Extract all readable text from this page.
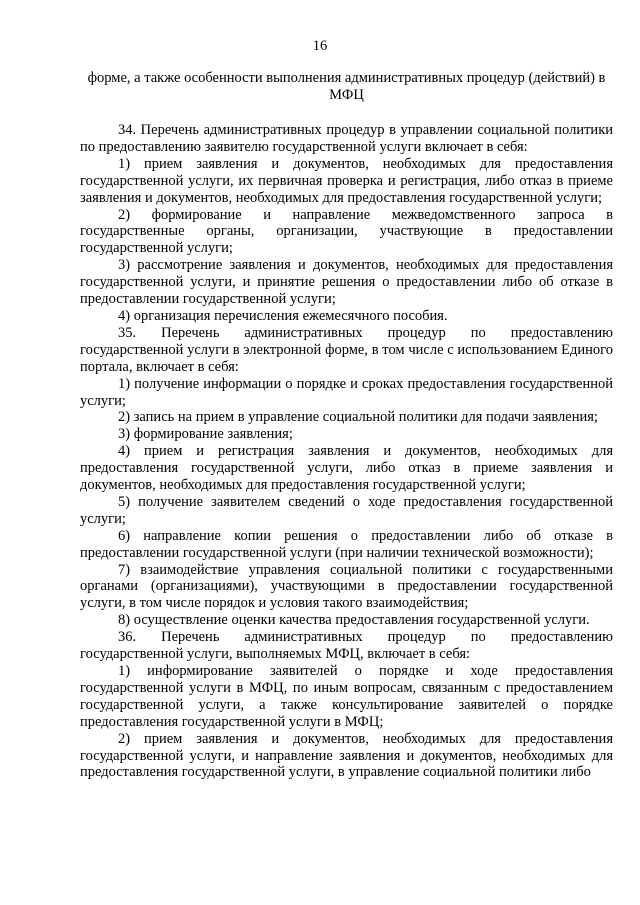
16
форме, а также особенности выполнения административных процедур (действий) в МФЦ

34. Перечень административных процедур в управлении социальной политики по предоставлению заявителю государственной услуги включает в себя:

1) прием заявления и документов, необходимых для предоставления государственной услуги, их первичная проверка и регистрация, либо отказ в приеме заявления и документов, необходимых для предоставления государственной услуги;

2) формирование и направление межведомственного запроса в государственные органы, организации, участвующие в предоставлении государственной услуги;

3) рассмотрение заявления и документов, необходимых для предоставления государственной услуги, и принятие решения о предоставлении либо об отказе в предоставлении государственной услуги;

4) организация перечисления ежемесячного пособия.

35. Перечень административных процедур по предоставлению государственной услуги в электронной форме, в том числе с использованием Единого портала, включает в себя:

1) получение информации о порядке и сроках предоставления государственной услуги;

2) запись на прием в управление социальной политики для подачи заявления;

3) формирование заявления;

4) прием и регистрация заявления и документов, необходимых для предоставления государственной услуги, либо отказ в приеме заявления и документов, необходимых для предоставления государственной услуги;

5) получение заявителем сведений о ходе предоставления государственной услуги;

6) направление копии решения о предоставлении либо об отказе в предоставлении государственной услуги (при наличии технической возможности);

7) взаимодействие управления социальной политики с государственными органами (организациями), участвующими в предоставлении государственной услуги, в том числе порядок и условия такого взаимодействия;

8) осуществление оценки качества предоставления государственной услуги.

36. Перечень административных процедур по предоставлению государственной услуги, выполняемых МФЦ, включает в себя:

1) информирование заявителей о порядке и ходе предоставления государственной услуги в МФЦ, по иным вопросам, связанным с предоставлением государственной услуги, а также консультирование заявителей о порядке предоставления государственной услуги в МФЦ;

2) прием заявления и документов, необходимых для предоставления государственной услуги, и направление заявления и документов, необходимых для предоставления государственной услуги, в управление социальной политики либо
